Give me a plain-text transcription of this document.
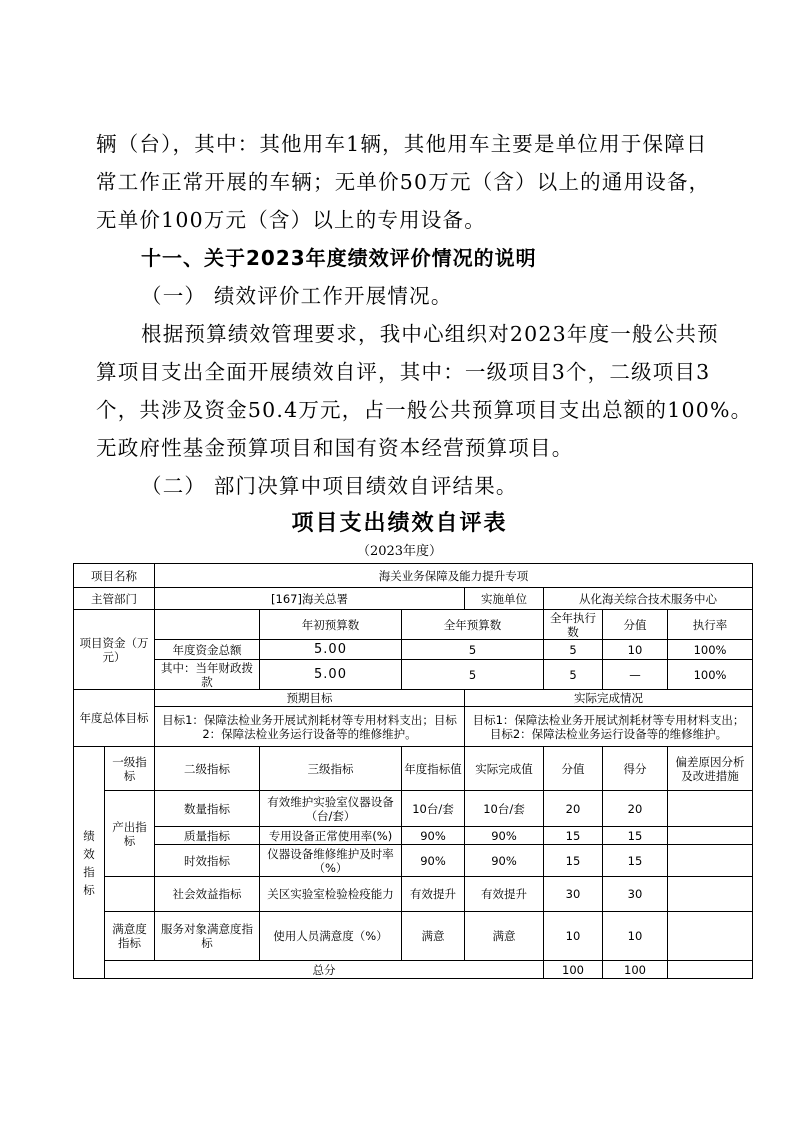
辆（台），其中：其他用车1辆，其他用车主要是单位用于保障日
常工作正常开展的车辆；无单价50万元（含）以上的通用设备，
无单价100万元（含）以上的专用设备。
十一、关于2023年度绩效评价情况的说明
（一） 绩效评价工作开展情况。
根据预算绩效管理要求，我中心组织对2023年度一般公共预
算项目支出全面开展绩效自评，其中：一级项目3个，二级项目3
个，共涉及资金50.4万元，占一般公共预算项目支出总额的100%。
无政府性基金预算项目和国有资本经营预算项目。
（二） 部门决算中项目绩效自评结果。
项目支出绩效自评表
（2023年度）
项目名称		海关业务保障及能力提升专项							
主管部门		[167]海关总署			实施单位	从化海关综合技术服务中心			
项目资金（万元）			年初预算数	全年预算数		全年执行数	分值	执行率	
		年度资金总额	5.00	5		5	10	100%	
		其中：当年财政拨款	5.00	5		5	—	100%	
年度总体目标		预期目标			实际完成情况				
		目标1：保障法检业务开展试剂耗材等专用材料支出；目标2：保障法检业务运行设备等的维修维护。			目标1：保障法检业务开展试剂耗材等专用材料支出；目标2：保障法检业务运行设备等的维修维护。				
绩效指标	一级指标	二级指标	三级指标	年度指标值	实际完成值	分值	得分	偏差原因分析及改进措施	
	产出指标	数量指标	有效维护实验室仪器设备（台/套）	10台/套	10台/套	20	20		
		质量指标	专用设备正常使用率(%)	90%	90%	15	15		
		时效指标	仪器设备维修维护及时率（%）	90%	90%	15	15		
		社会效益指标	关区实验室检验检疫能力	有效提升	有效提升	30	30		
	满意度指标	服务对象满意度指标	使用人员满意度（%）	满意	满意	10	10		
	总分					100	100		
